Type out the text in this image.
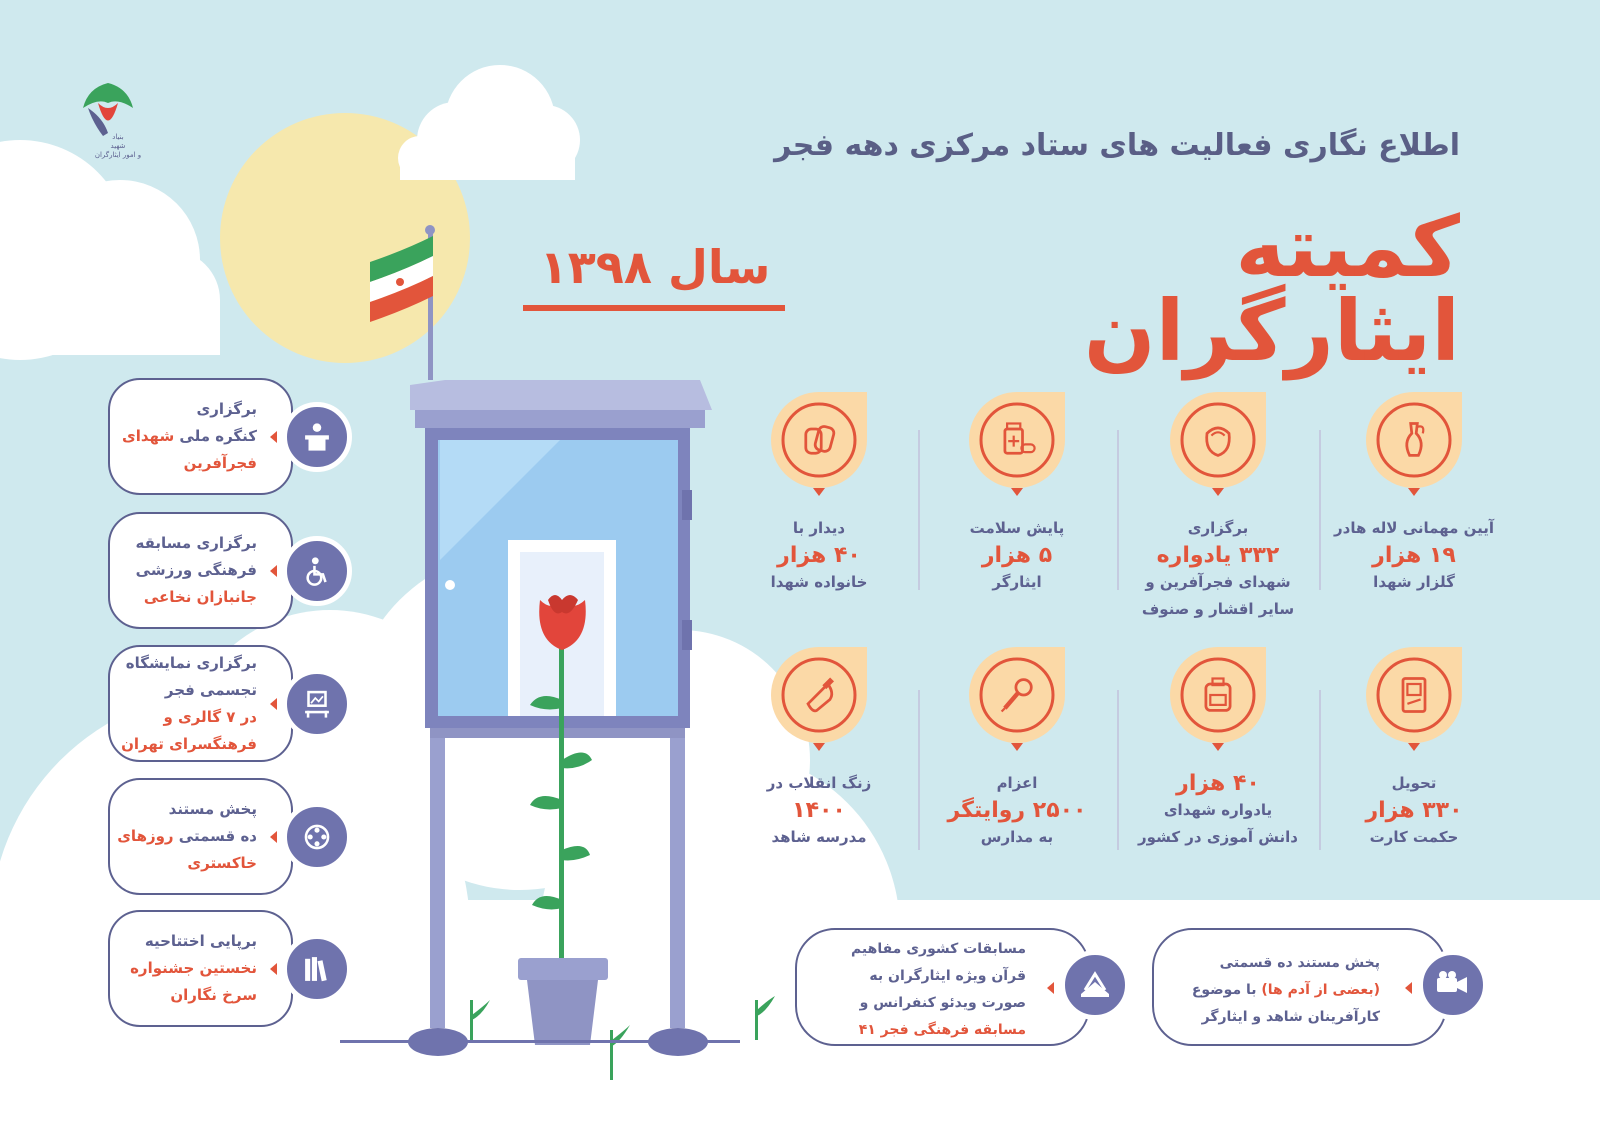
بنیاد
شهید
و امور ایثارگران	اطلاع نگاری فعالیت های ستاد مرکزی دهه فجر
کمیته ایثارگران
سال ۱۳۹۸
برگزاری
کنگره ملی شهدای
فجرآفرین
برگزاری مسابقه
فرهنگی ورزشی
جانبازان نخاعی
برگزاری نمایشگاه
تجسمی فجر
در ۷ گالری و
فرهنگسرای تهران
پخش مستند
ده قسمتی روزهای
خاکستری
برپایی اختتاحیه
نخستین جشنواره
سرخ نگاران
آیین مهمانی لاله هادر
۱۹ هزار
گلزار شهدا
برگزاری
۳۳۲ یادواره
شهدای فجرآفرین و
سایر اقشار و صنوف
پایش سلامت
۵ هزار
ایثارگر
دیدار با
۴۰ هزار
خانواده شهدا
تحویل
۳۳۰ هزار
حکمت کارت
۴۰ هزار
یادواره شهدای
دانش آموزی در کشور
اعزام
۲۵۰۰ روایتگر
به مدارس
زنگ انقلاب در
۱۴۰۰
مدرسه شاهد
پخش مستند ده قسمتی
(بعضی از آدم ها) با موضوع
کارآفرینان شاهد و ایثارگر
مسابقات کشوری مفاهیم
قرآن ویژه ایثارگران به
صورت ویدئو کنفرانس و
مسابقه فرهنگی فجر ۴۱
